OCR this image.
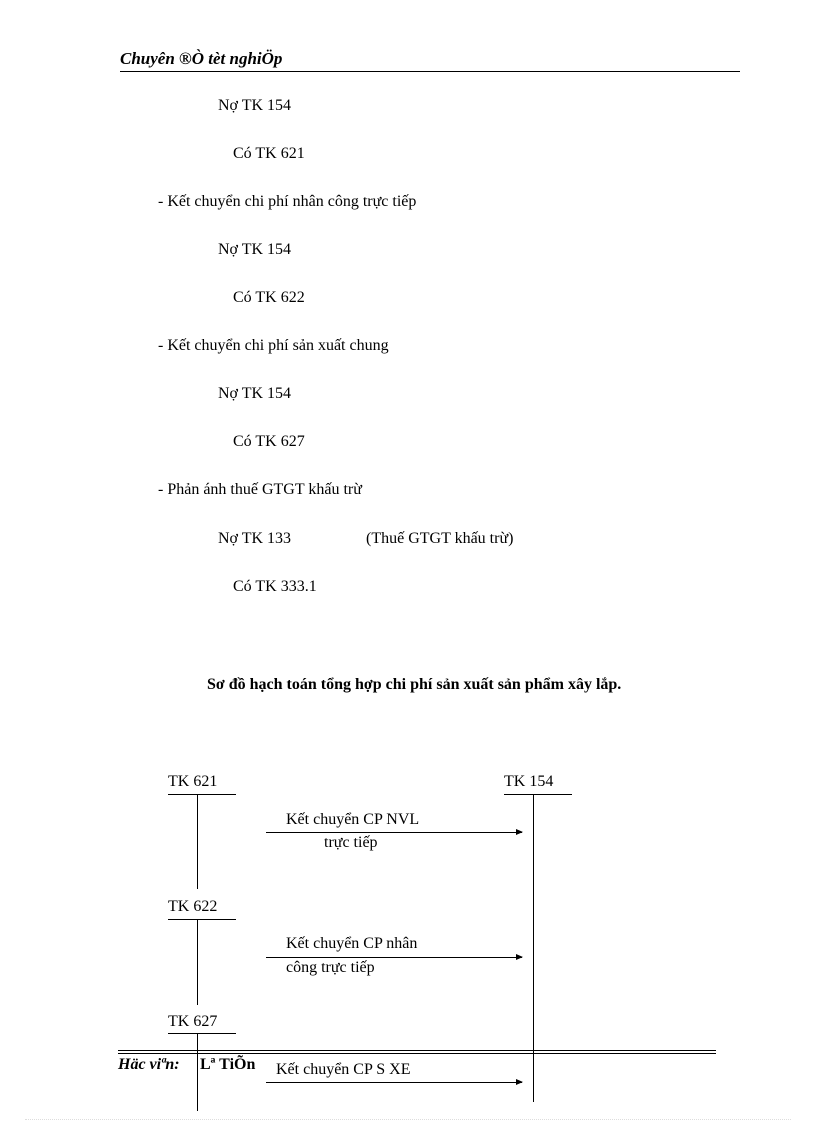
Chuyên ®Ò tèt nghiÖp
Nợ TK 154
Có TK 621
- Kết chuyển chi phí nhân công trực tiếp
Nợ TK 154
Có TK 622
- Kết chuyển chi phí sản xuất chung
Nợ TK 154
Có TK 627
- Phản ánh thuế GTGT khấu trừ
Nợ TK 133	(Thuế GTGT khấu trừ)
Có TK 333.1
Sơ đồ hạch toán tổng hợp chi phí sản xuất sản phẩm xây lắp.
TK 621	TK 154
Kết chuyển CP NVL
trực tiếp
TK 622
Kết chuyển CP nhân
công trực tiếp
TK 627
Häc viªn: Lª TiÕn Kết chuyển CP S XE
